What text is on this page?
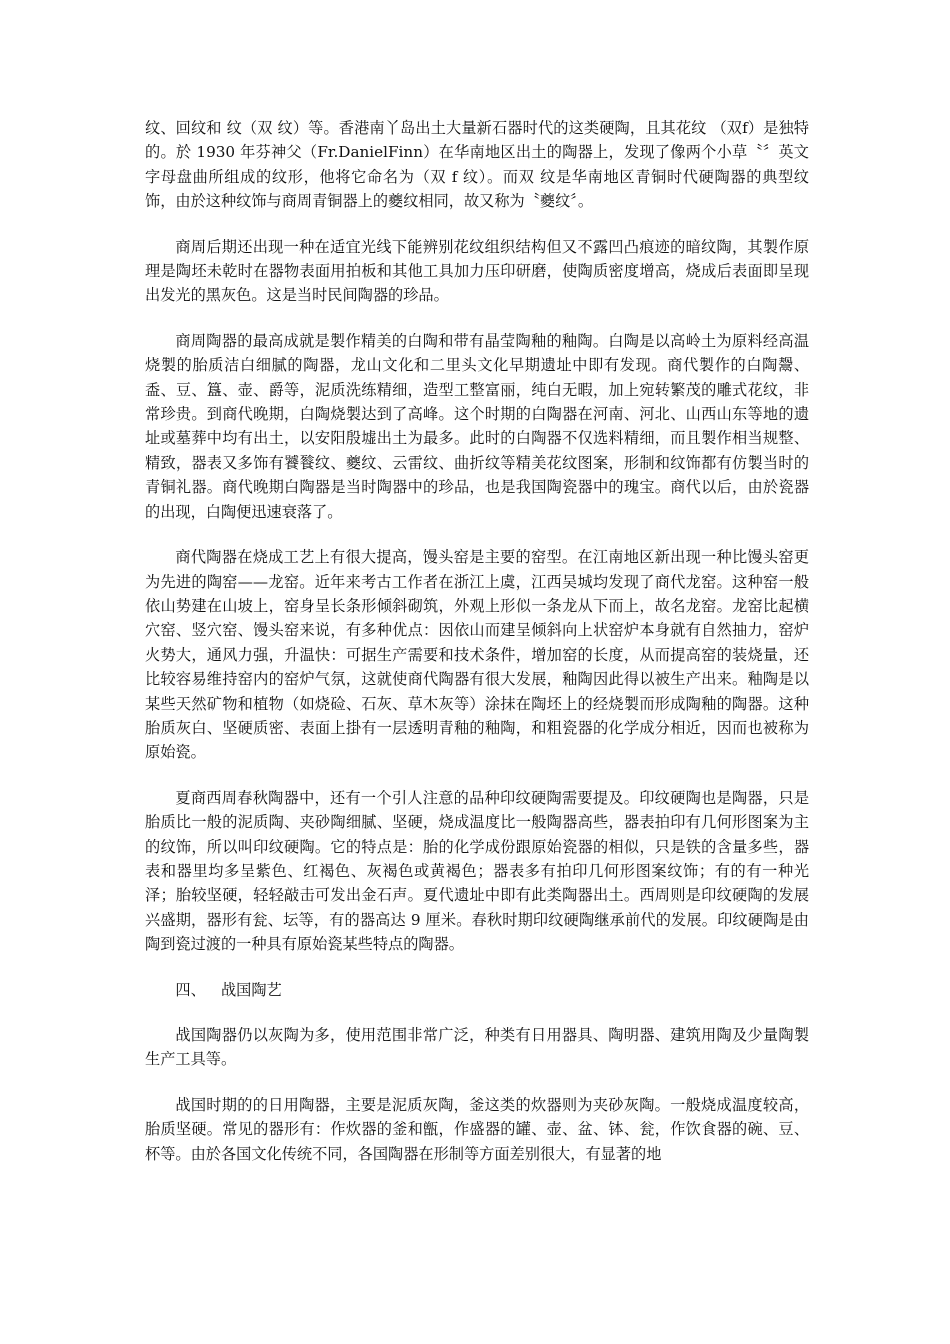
纹、回纹和 纹（双 纹）等。香港南丫岛出土大量新石器时代的这类硬陶，且其花纹 （双f）是独特的。於 1930 年芬神父（Fr.DanielFinn）在华南地区出土的陶器上，发现了像两个小草〝〞英文字母盘曲所组成的纹形，他将它命名为（双 f 纹）。而双 纹是华南地区青铜时代硬陶器的典型纹饰，由於这种纹饰与商周青铜器上的夔纹相同，故又称为〝夔纹〞。

商周后期还出现一种在适宜光线下能辨别花纹组织结构但又不露凹凸痕迹的暗纹陶，其製作原理是陶坯未乾时在器物表面用拍板和其他工具加力压印研磨，使陶质密度增高，烧成后表面即呈现出发光的黑灰色。这是当时民间陶器的珍品。

商周陶器的最高成就是製作精美的白陶和带有晶莹陶釉的釉陶。白陶是以高岭土为原料经高温烧製的胎质洁白细腻的陶器，龙山文化和二里头文化早期遗址中即有发现。商代製作的白陶鬶、盉、豆、簋、壶、爵等，泥质洗练精细，造型工整富丽，纯白无暇，加上宛转繁茂的雕式花纹，非常珍贵。到商代晚期，白陶烧製达到了高峰。这个时期的白陶器在河南、河北、山西山东等地的遗址或墓葬中均有出土，以安阳殷墟出土为最多。此时的白陶器不仅选料精细，而且製作相当规整、精致，器表又多饰有饕餮纹、夔纹、云雷纹、曲折纹等精美花纹图案，形制和纹饰都有仿製当时的青铜礼器。商代晚期白陶器是当时陶器中的珍品，也是我国陶瓷器中的瑰宝。商代以后，由於瓷器的出现，白陶便迅速衰落了。

商代陶器在烧成工艺上有很大提高，馒头窑是主要的窑型。在江南地区新出现一种比馒头窑更为先进的陶窑——龙窑。近年来考古工作者在浙江上虞，江西吴城均发现了商代龙窑。这种窑一般依山势建在山坡上，窑身呈长条形倾斜砌筑，外观上形似一条龙从下而上，故名龙窑。龙窑比起横穴窑、竖穴窑、馒头窑来说，有多种优点：因依山而建呈倾斜向上状窑炉本身就有自然抽力，窑炉火势大，通风力强，升温快：可据生产需要和技术条件，增加窑的长度，从而提高窑的装烧量，还比较容易维持窑内的窑炉气氛，这就使商代陶器有很大发展，釉陶因此得以被生产出来。釉陶是以某些天然矿物和植物（如烧硷、石灰、草木灰等）涂抹在陶坯上的经烧製而形成陶釉的陶器。这种胎质灰白、坚硬质密、表面上掛有一层透明青釉的釉陶，和粗瓷器的化学成分相近，因而也被称为原始瓷。

夏商西周春秋陶器中，还有一个引人注意的品种印纹硬陶需要提及。印纹硬陶也是陶器，只是胎质比一般的泥质陶、夹砂陶细腻、坚硬，烧成温度比一般陶器高些，器表拍印有几何形图案为主的纹饰，所以叫印纹硬陶。它的特点是：胎的化学成份跟原始瓷器的相似，只是铁的含量多些，器表和器里均多呈紫色、红褐色、灰褐色或黄褐色；器表多有拍印几何形图案纹饰；有的有一种光泽；胎较坚硬，轻轻敲击可发出金石声。夏代遗址中即有此类陶器出土。西周则是印纹硬陶的发展兴盛期，器形有瓮、坛等，有的器高达 9 厘米。春秋时期印纹硬陶继承前代的发展。印纹硬陶是由陶到瓷过渡的一种具有原始瓷某些特点的陶器。

四、 战国陶艺

战国陶器仍以灰陶为多，使用范围非常广泛，种类有日用器具、陶明器、建筑用陶及少量陶製生产工具等。

战国时期的的日用陶器，主要是泥质灰陶，釜这类的炊器则为夹砂灰陶。一般烧成温度较高，胎质坚硬。常见的器形有：作炊器的釜和甑，作盛器的罐、壶、盆、钵、瓮，作饮食器的碗、豆、杯等。由於各国文化传统不同，各国陶器在形制等方面差别很大，有显著的地
